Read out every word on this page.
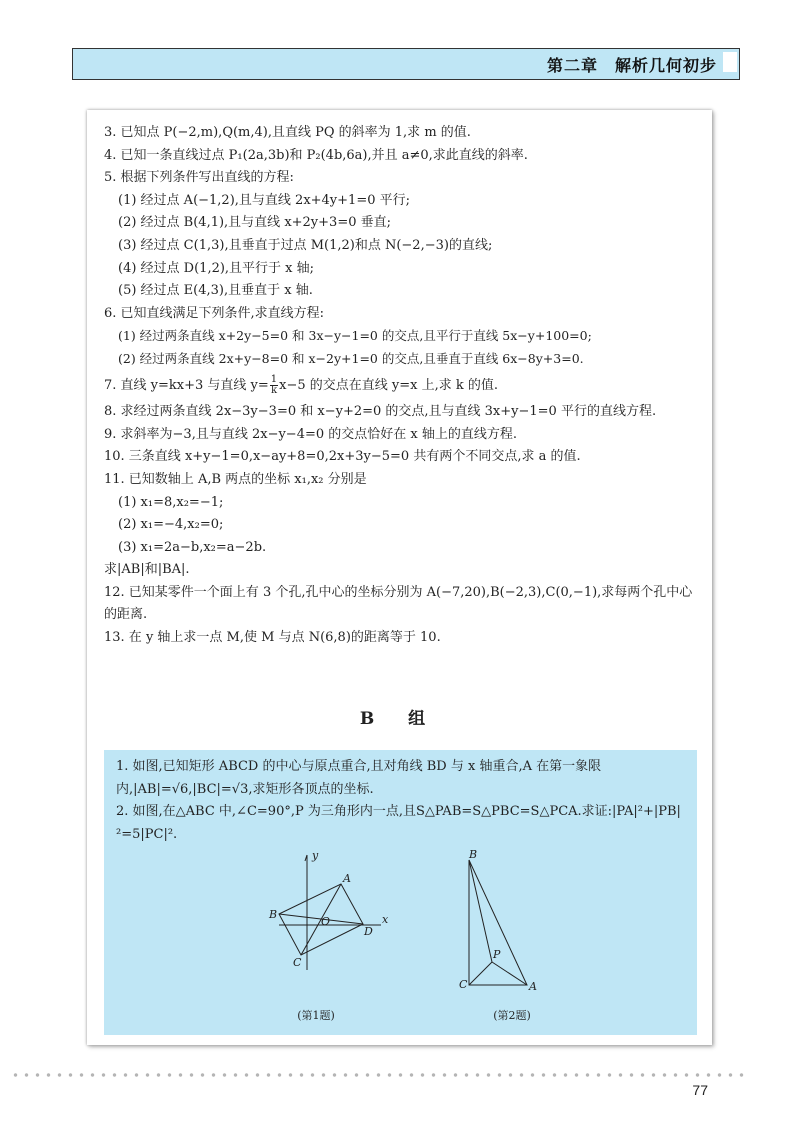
第二章　解析几何初步
3. 已知点 P(−2,m),Q(m,4),且直线 PQ 的斜率为 1,求 m 的值.
4. 已知一条直线过点 P₁(2a,3b)和 P₂(4b,6a),并且 a≠0,求此直线的斜率.
5. 根据下列条件写出直线的方程:
(1) 经过点 A(−1,2),且与直线 2x+4y+1=0 平行;
(2) 经过点 B(4,1),且与直线 x+2y+3=0 垂直;
(3) 经过点 C(1,3),且垂直于过点 M(1,2)和点 N(−2,−3)的直线;
(4) 经过点 D(1,2),且平行于 x 轴;
(5) 经过点 E(4,3),且垂直于 x 轴.
6. 已知直线满足下列条件,求直线方程:
(1) 经过两条直线 x+2y−5=0 和 3x−y−1=0 的交点,且平行于直线 5x−y+100=0;
(2) 经过两条直线 2x+y−8=0 和 x−2y+1=0 的交点,且垂直于直线 6x−8y+3=0.
7. 直线 y=kx+3 与直线 $y= \frac{1}{k} x-5$ 的交点在直线 y=x 上,求 k 的值.
8. 求经过两条直线 2x−3y−3=0 和 x−y+2=0 的交点,且与直线 3x+y−1=0 平行的直线方程.
9. 求斜率为−3,且与直线 2x−y−4=0 的交点恰好在 x 轴上的直线方程.
10. 三条直线 x+y−1=0,x−ay+8=0,2x+3y−5=0 共有两个不同交点,求 a 的值.
11. 已知数轴上 A,B 两点的坐标 x₁,x₂ 分别是
(1) x₁=8,x₂=−1;
(2) x₁=−4,x₂=0;
(3) x₁=2a−b,x₂=a−2b.
求|AB|和|BA|.
12. 已知某零件一个面上有 3 个孔,孔中心的坐标分别为 A(−7,20),B(−2,3),C(0,−1),求每两个孔中心的距离.
13. 在 y 轴上求一点 M,使 M 与点 N(6,8)的距离等于 10.
B 组
1. 如图,已知矩形 ABCD 的中心与原点重合,且对角线 BD 与 x 轴重合,A 在第一象限内,|AB|=√6,|BC|=√3,求矩形各顶点的坐标.
2. 如图,在△ABC 中,∠C=90°,P 为三角形内一点,且S△PAB=S△PBC=S△PCA.求证:|PA|²+|PB|²=5|PC|².
y
x
A
B
C
D
O
(第1题)
B
C	A
P
(第2题)
77
